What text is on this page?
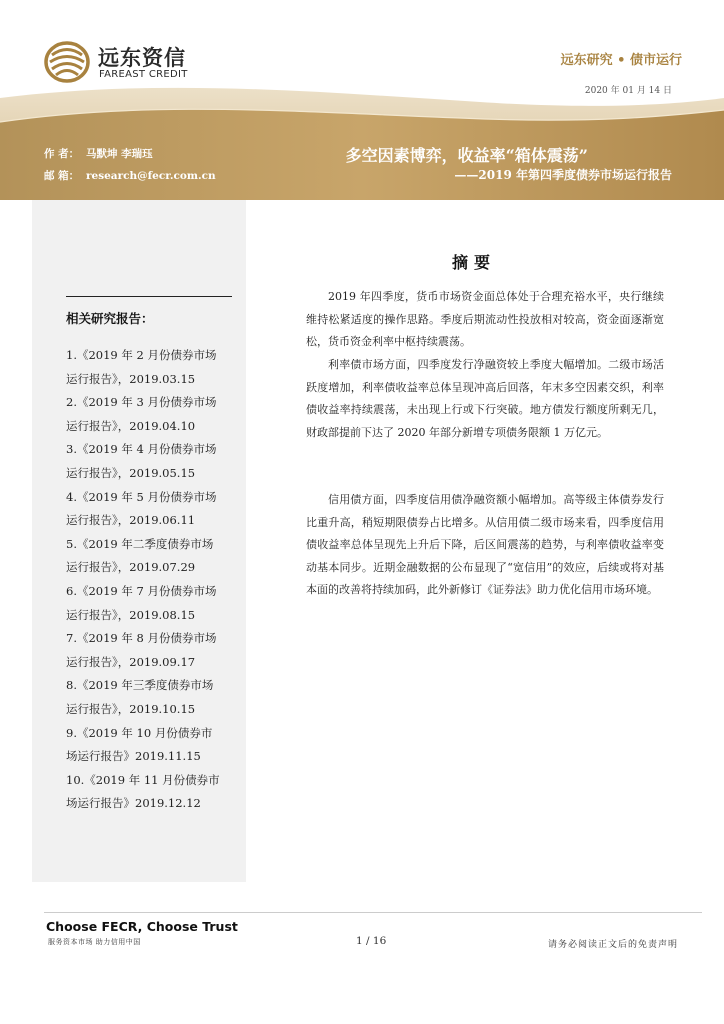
远东资信
FAREAST CREDIT
远东研究 • 债市运行
2020 年 01 月 14 日
作 者： 马默坤 李瑞珏
邮 箱： research@fecr.com.cn
多空因素博弈，收益率“箱体震荡”
——2019 年第四季度债券市场运行报告
相关研究报告：
1.《2019 年 2 月份债券市场
运行报告》，2019.03.15
2.《2019 年 3 月份债券市场
运行报告》，2019.04.10
3.《2019 年 4 月份债券市场
运行报告》，2019.05.15
4.《2019 年 5 月份债券市场
运行报告》，2019.06.11
5.《2019 年二季度债券市场
运行报告》，2019.07.29
6.《2019 年 7 月份债券市场
运行报告》，2019.08.15
7.《2019 年 8 月份债券市场
运行报告》，2019.09.17
8.《2019 年三季度债券市场
运行报告》，2019.10.15
9.《2019 年 10 月份债券市
场运行报告》2019.11.15
10.《2019 年 11 月份债券市
场运行报告》2019.12.12
摘要

2019 年四季度，货币市场资金面总体处于合理充裕水平，央行继续维持松紧适度的操作思路。季度后期流动性投放相对较高，资金面逐渐宽松，货币资金利率中枢持续震荡。

利率债市场方面，四季度发行净融资较上季度大幅增加。二级市场活跃度增加，利率债收益率总体呈现冲高后回落，年末多空因素交织，利率债收益率持续震荡，未出现上行或下行突破。地方债发行额度所剩无几，财政部提前下达了 2020 年部分新增专项债务限额 1 万亿元。

信用债方面，四季度信用债净融资额小幅增加。高等级主体债券发行比重升高，稍短期限债券占比增多。从信用债二级市场来看，四季度信用债收益率总体呈现先上升后下降，后区间震荡的趋势，与利率债收益率变动基本同步。近期金融数据的公布显现了“宽信用”的效应，后续或将对基本面的改善将持续加码，此外新修订《证券法》助力优化信用市场环境。

Choose FECR, Choose Trust
服务资本市场 助力信用中国	1 / 16	请务必阅读正文后的免责声明
